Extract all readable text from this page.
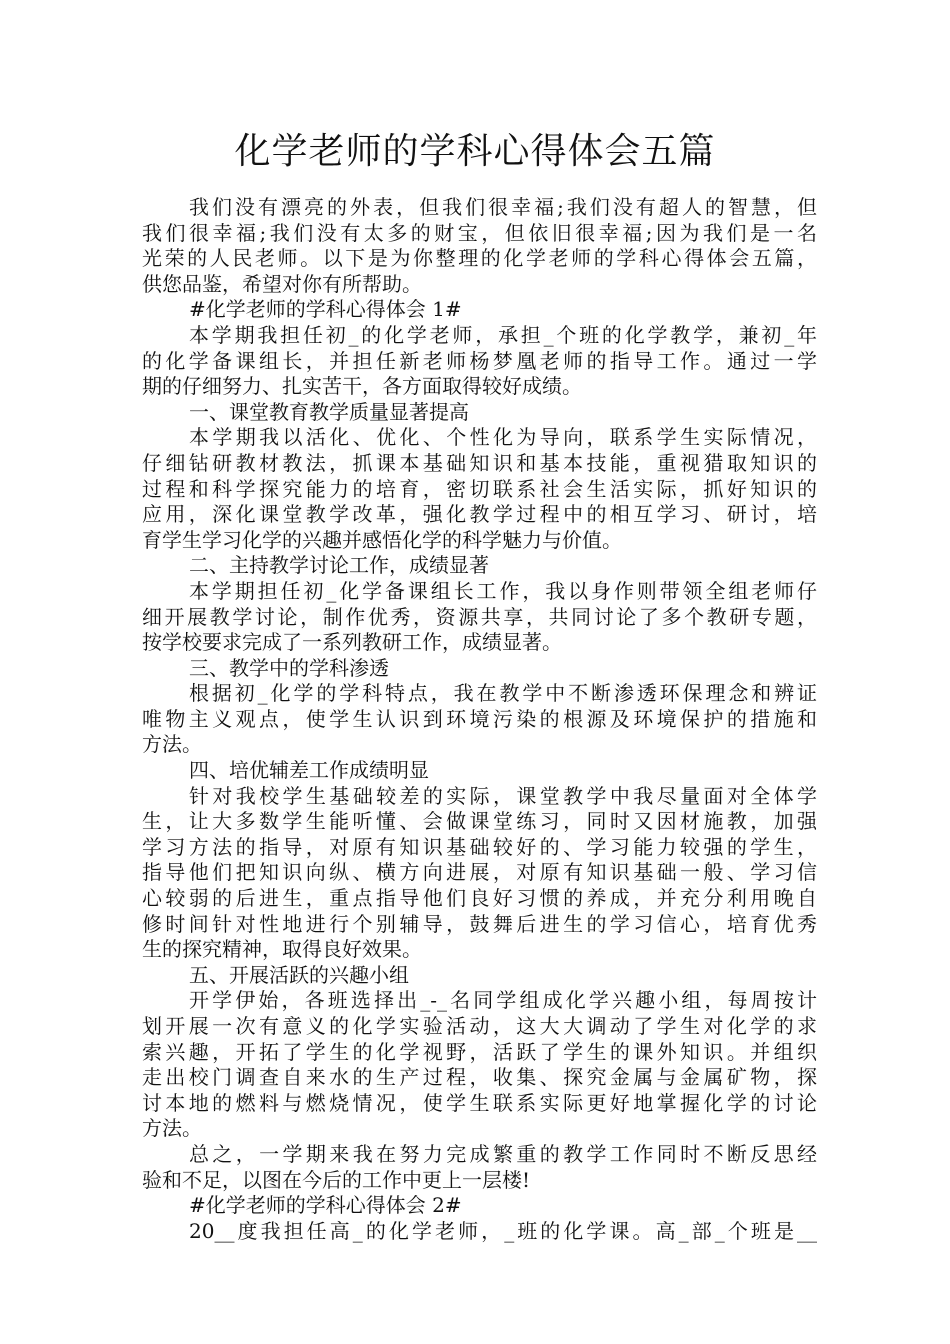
化学老师的学科心得体会五篇
我们没有漂亮的外表，但我们很幸福;我们没有超人的智慧，但
我们很幸福;我们没有太多的财宝，但依旧很幸福;因为我们是一名
光荣的人民老师。以下是为你整理的化学老师的学科心得体会五篇，
供您品鉴，希望对你有所帮助。
#化学老师的学科心得体会 1#
本学期我担任初_的化学老师，承担_个班的化学教学，兼初_年
的化学备课组长，并担任新老师杨梦凰老师的指导工作。通过一学
期的仔细努力、扎实苦干，各方面取得较好成绩。
一、课堂教育教学质量显著提高
本学期我以活化、优化、个性化为导向，联系学生实际情况，
仔细钻研教材教法，抓课本基础知识和基本技能，重视猎取知识的
过程和科学探究能力的培育，密切联系社会生活实际，抓好知识的
应用，深化课堂教学改革，强化教学过程中的相互学习、研讨，培
育学生学习化学的兴趣并感悟化学的科学魅力与价值。
二、主持教学讨论工作，成绩显著
本学期担任初_化学备课组长工作，我以身作则带领全组老师仔
细开展教学讨论，制作优秀，资源共享，共同讨论了多个教研专题，
按学校要求完成了一系列教研工作，成绩显著。
三、教学中的学科渗透
根据初_化学的学科特点，我在教学中不断渗透环保理念和辨证
唯物主义观点，使学生认识到环境污染的根源及环境保护的措施和
方法。
四、培优辅差工作成绩明显
针对我校学生基础较差的实际，课堂教学中我尽量面对全体学
生，让大多数学生能听懂、会做课堂练习，同时又因材施教，加强
学习方法的指导，对原有知识基础较好的、学习能力较强的学生，
指导他们把知识向纵、横方向进展，对原有知识基础一般、学习信
心较弱的后进生，重点指导他们良好习惯的养成，并充分利用晚自
修时间针对性地进行个别辅导，鼓舞后进生的学习信心，培育优秀
生的探究精神，取得良好效果。
五、开展活跃的兴趣小组
开学伊始，各班选择出_-_名同学组成化学兴趣小组，每周按计
划开展一次有意义的化学实验活动，这大大调动了学生对化学的求
索兴趣，开拓了学生的化学视野，活跃了学生的课外知识。并组织
走出校门调查自来水的生产过程，收集、探究金属与金属矿物，探
讨本地的燃料与燃烧情况，使学生联系实际更好地掌握化学的讨论
方法。
总之，一学期来我在努力完成繁重的教学工作同时不断反思经
验和不足，以图在今后的工作中更上一层楼!
#化学老师的学科心得体会 2#
20__度我担任高_的化学老师，_班的化学课。高_部_个班是__
